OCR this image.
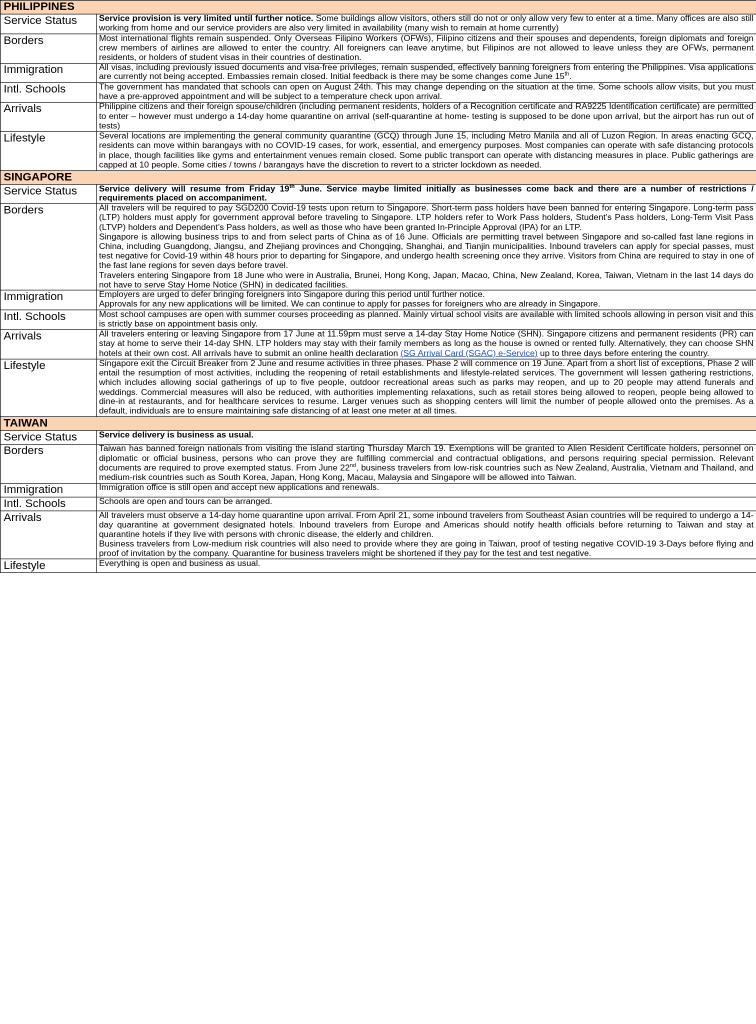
PHILIPPINES	
Service Status	Service provision is very limited until further notice. Some buildings allow visitors, others still do not or only allow very few to enter at a time. Many offices are also still working from home and our service providers are also very limited in availability (many wish to remain at home currently)
Borders	Most international flights remain suspended. Only Overseas Filipino Workers (OFWs), Filipino citizens and their spouses and dependents, foreign diplomats and foreign crew members of airlines are allowed to enter the country. All foreigners can leave anytime, but Filipinos are not allowed to leave unless they are OFWs, permanent residents, or holders of student visas in their countries of destination.
Immigration	All visas, including previously issued documents and visa-free privileges, remain suspended, effectively banning foreigners from entering the Philippines. Visa applications are currently not being accepted. Embassies remain closed. Initial feedback is there may be some changes come June 15th.
Intl. Schools	The government has mandated that schools can open on August 24th. This may change depending on the situation at the time. Some schools allow visits, but you must have a pre-approved appointment and will be subject to a temperature check upon arrival.
Arrivals	Philippine citizens and their foreign spouse/children (including permanent residents, holders of a Recognition certificate and RA9225 Identification certificate) are permitted to enter – however must undergo a 14-day home quarantine on arrival (self-quarantine at home- testing is supposed to be done upon arrival, but the airport has run out of tests)
Lifestyle	Several locations are implementing the general community quarantine (GCQ) through June 15, including Metro Manila and all of Luzon Region. In areas enacting GCQ, residents can move within barangays with no COVID-19 cases, for work, essential, and emergency purposes. Most companies can operate with safe distancing protocols in place, though facilities like gyms and entertainment venues remain closed. Some public transport can operate with distancing measures in place. Public gatherings are capped at 10 people. Some cities / towns / barangays have the discretion to revert to a stricter lockdown as needed.
SINGAPORE	
Service Status	Service delivery will resume from Friday 19th June. Service maybe limited initially as businesses come back and there are a number of restrictions / requirements placed on accompaniment.
Borders	All travelers will be required to pay SGD200 Covid-19 tests upon return to Singapore. Short-term pass holders have been banned for entering Singapore. Long-term pass (LTP) holders must apply for government approval before traveling to Singapore. LTP holders refer to Work Pass holders, Student’s Pass holders, Long-Term Visit Pass (LTVP) holders and Dependent’s Pass holders, as well as those who have been granted In-Principle Approval (IPA) for an LTP.
Singapore is allowing business trips to and from select parts of China as of 16 June. Officials are permitting travel between Singapore and so-called fast lane regions in China, including Guangdong, Jiangsu, and Zhejiang provinces and Chongqing, Shanghai, and Tianjin municipalities. Inbound travelers can apply for special passes, must test negative for Covid-19 within 48 hours prior to departing for Singapore, and undergo health screening once they arrive. Visitors from China are required to stay in one of the fast lane regions for seven days before travel.
Travelers entering Singapore from 18 June who were in Australia, Brunei, Hong Kong, Japan, Macao, China, New Zealand, Korea, Taiwan, Vietnam in the last 14 days do not have to serve Stay Home Notice (SHN) in dedicated facilities.

Immigration	Employers are urged to defer bringing foreigners into Singapore during this period until further notice.
Approvals for any new applications will be limited. We can continue to apply for passes for foreigners who are already in Singapore.

Intl. Schools	Most school campuses are open with summer courses proceeding as planned. Mainly virtual school visits are available with limited schools allowing in person visit and this is strictly base on appointment basis only.
Arrivals	All travelers entering or leaving Singapore from 17 June at 11.59pm must serve a 14-day Stay Home Notice (SHN). Singapore citizens and permanent residents (PR) can stay at home to serve their 14-day SHN. LTP holders may stay with their family members as long as the house is owned or rented fully. Alternatively, they can choose SHN hotels at their own cost. All arrivals have to submit an online health declaration (SG Arrival Card (SGAC) e-Service) up to three days before entering the country.
Lifestyle	Singapore exit the Circuit Breaker from 2 June and resume activities in three phases. Phase 2 will commence on 19 June. Apart from a short list of exceptions, Phase 2 will entail the resumption of most activities, including the reopening of retail establishments and lifestyle-related services. The government will lessen gathering restrictions, which includes allowing social gatherings of up to five people, outdoor recreational areas such as parks may reopen, and up to 20 people may attend funerals and weddings. Commercial measures will also be reduced, with authorities implementing relaxations, such as retail stores being allowed to reopen, people being allowed to dine-in at restaurants, and for healthcare services to resume. Larger venues such as shopping centers will limit the number of people allowed onto the premises. As a default, individuals are to ensure maintaining safe distancing of at least one meter at all times.
TAIWAN	
Service Status	Service delivery is business as usual.
Borders	Taiwan has banned foreign nationals from visiting the island starting Thursday March 19. Exemptions will be granted to Alien Resident Certificate holders, personnel on diplomatic or official business, persons who can prove they are fulfilling commercial and contractual obligations, and persons requiring special permission. Relevant documents are required to prove exempted status. From June 22nd, business travelers from low-risk countries such as New Zealand, Australia, Vietnam and Thailand, and medium-risk countries such as South Korea, Japan, Hong Kong, Macau, Malaysia and Singapore will be allowed into Taiwan.
Immigration	Immigration office is still open and accept new applications and renewals.
Intl. Schools	Schools are open and tours can be arranged.
Arrivals	All travelers must observe a 14-day home quarantine upon arrival. From April 21, some inbound travelers from Southeast Asian countries will be required to undergo a 14-day quarantine at government designated hotels. Inbound travelers from Europe and Americas should notify health officials before returning to Taiwan and stay at quarantine hotels if they live with persons with chronic disease, the elderly and children.
Business travelers from Low-medium risk countries will also need to provide where they are going in Taiwan, proof of testing negative COVID-19 3-Days before flying and proof of invitation by the company. Quarantine for business travelers might be shortened if they pay for the test and test negative.

Lifestyle	Everything is open and business as usual.
